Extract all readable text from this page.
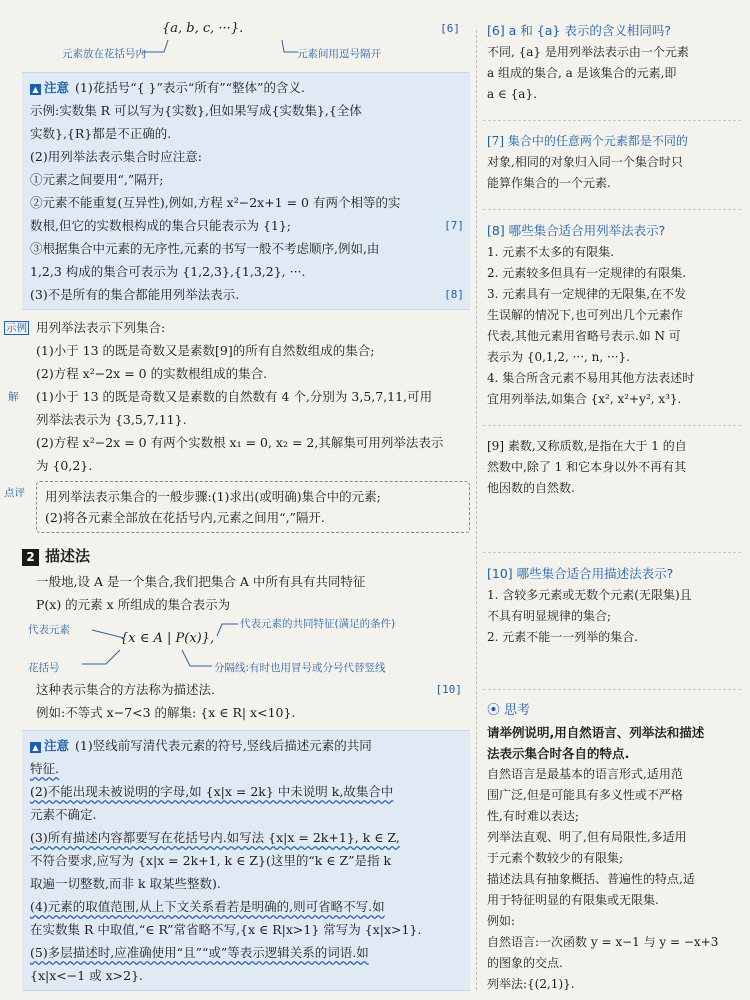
{a, b, c, ···}.	[6]
元素放在花括号内	元素间用逗号隔开
▲ 注意 (1)花括号“{ }”表示“所有”“整体”的含义.
示例:实数集 R 可以写为{实数},但如果写成{实数集},{全体
实数},{R}都是不正确的.
(2)用列举法表示集合时应注意:
①元素之间要用“,”隔开;
②元素不能重复(互异性),例如,方程 x²−2x+1 = 0 有两个相等的实
数根,但它的实数根构成的集合只能表示为 {1};	[7]
③根据集合中元素的无序性,元素的书写一般不考虑顺序,例如,由
1,2,3 构成的集合可表示为 {1,2,3},{1,3,2}, ···.
(3)不是所有的集合都能用列举法表示.	[8]
示例 用列举法表示下列集合:
(1)小于 13 的既是奇数又是素数[9]的所有自然数组成的集合;
(2)方程 x²−2x = 0 的实数根组成的集合.
解	(1)小于 13 的既是奇数又是素数的自然数有 4 个,分别为 3,5,7,11,可用
列举法表示为 {3,5,7,11}.
(2)方程 x²−2x = 0 有两个实数根 x₁ = 0, x₂ = 2,其解集可用列举法表示
为 {0,2}.
点评 用列举法表示集合的一般步骤:(1)求出(或明确)集合中的元素;
(2)将各元素全部放在花括号内,元素之间用“,”隔开.
2 描述法
一般地,设 A 是一个集合,我们把集合 A 中所有具有共同特征
P(x) 的元素 x 所组成的集合表示为
代表元素
{x ∈ A | P(x)},
代表元素的共同特征(满足的条件)
花括号	分隔线:有时也用冒号或分号代替竖线
这种表示集合的方法称为描述法.	[10]
例如:不等式 x−7<3 的解集: {x ∈ R| x<10}.
▲ 注意 (1)竖线前写清代表元素的符号,竖线后描述元素的共同
特征.
(2)不能出现未被说明的字母,如 {x|x = 2k} 中未说明 k,故集合中
元素不确定.
(3)所有描述内容都要写在花括号内.如写法 {x|x = 2k+1}, k ∈ Z,
不符合要求,应写为 {x|x = 2k+1, k ∈ Z}(这里的“k ∈ Z”是指 k
取遍一切整数,而非 k 取某些整数).
(4)元素的取值范围,从上下文关系看若是明确的,则可省略不写.如
在实数集 R 中取值,“∈ R”常省略不写,{x ∈ R|x>1} 常写为 {x|x>1}.
(5)多层描述时,应准确使用“且”“或”等表示逻辑关系的词语.如
{x|x<−1 或 x>2}.
[6] a 和 {a} 表示的含义相同吗?
不同, {a} 是用列举法表示由一个元素
a 组成的集合, a 是该集合的元素,即
a ∈ {a}.
[7] 集合中的任意两个元素都是不同的
对象,相同的对象归入同一个集合时只
能算作集合的一个元素.
[8] 哪些集合适合用列举法表示?
1. 元素不太多的有限集.
2. 元素较多但具有一定规律的有限集.
3. 元素具有一定规律的无限集,在不发
生误解的情况下,也可列出几个元素作
代表,其他元素用省略号表示.如 N 可
表示为 {0,1,2, ···, n, ···}.
4. 集合所含元素不易用其他方法表述时
宜用列举法,如集合 {x², x²+y², x³}.
[9] 素数,又称质数,是指在大于 1 的自
然数中,除了 1 和它本身以外不再有其
他因数的自然数.
[10] 哪些集合适合用描述法表示?
1. 含较多元素或无数个元素(无限集)且
不具有明显规律的集合;
2. 元素不能一一列举的集合.
⦿ 思考
请举例说明,用自然语言、列举法和描述
法表示集合时各自的特点.
自然语言是最基本的语言形式,适用范
围广泛,但是可能具有多义性或不严格
性,有时难以表达;
列举法直观、明了,但有局限性,多适用
于元素个数较少的有限集;
描述法具有抽象概括、普遍性的特点,适
用于特征明显的有限集或无限集.
例如:
自然语言:一次函数 y = x−1 与 y = −x+3
的图象的交点.
列举法:{(2,1)}.
